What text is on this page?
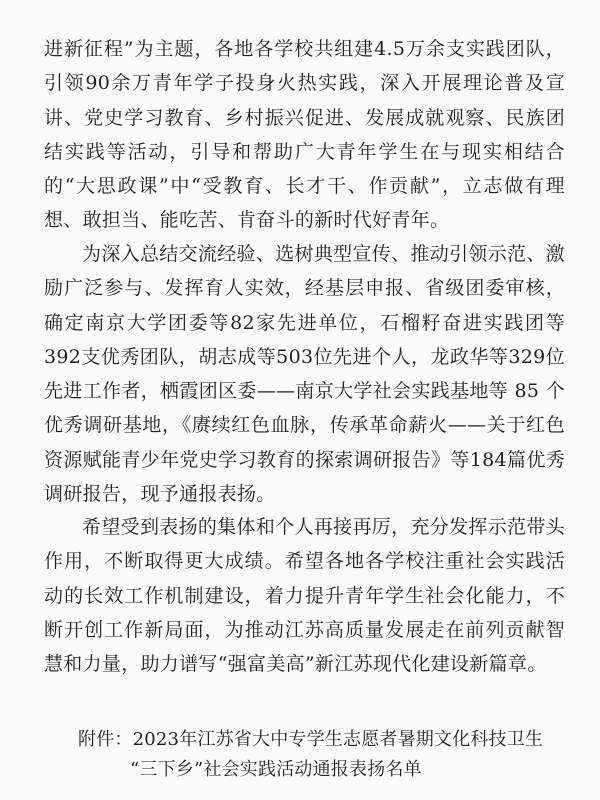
进新征程”为主题，各地各学校共组建4.5万余支实践团队，引领90余万青年学子投身火热实践，深入开展理论普及宣讲、党史学习教育、乡村振兴促进、发展成就观察、民族团结实践等活动，引导和帮助广大青年学生在与现实相结合的“大思政课”中“受教育、长才干、作贡献”，立志做有理想、敢担当、能吃苦、肯奋斗的新时代好青年。

为深入总结交流经验、选树典型宣传、推动引领示范、激励广泛参与、发挥育人实效，经基层申报、省级团委审核，确定南京大学团委等82家先进单位，石榴籽奋进实践团等392支优秀团队，胡志成等503位先进个人，龙政华等329位先进工作者，栖霞团区委——南京大学社会实践基地等 85 个优秀调研基地，《赓续红色血脉，传承革命薪火——关于红色资源赋能青少年党史学习教育的探索调研报告》等184篇优秀调研报告，现予通报表扬。

希望受到表扬的集体和个人再接再厉，充分发挥示范带头作用，不断取得更大成绩。希望各地各学校注重社会实践活动的长效工作机制建设，着力提升青年学生社会化能力，不断开创工作新局面，为推动江苏高质量发展走在前列贡献智慧和力量，助力谱写“强富美高”新江苏现代化建设新篇章。

附件：2023年江苏省大中专学生志愿者暑期文化科技卫生
“三下乡”社会实践活动通报表扬名单
